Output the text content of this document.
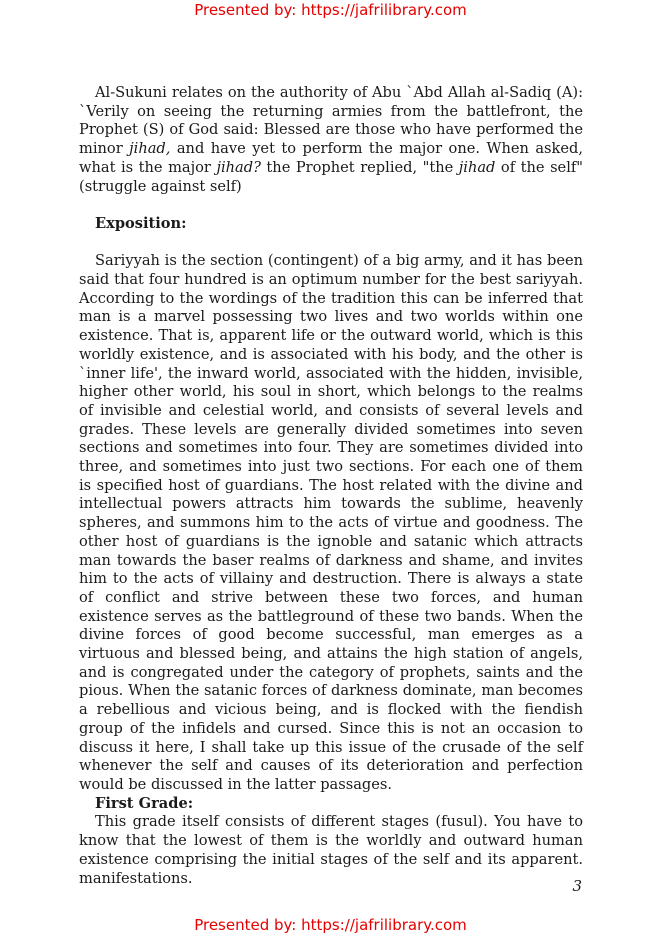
Presented by: https://jafrilibrary.com

Al-Sukuni relates on the authority of Abu `Abd Allah al-Sadiq (A): `Verily on seeing the returning armies from the battlefront, the Prophet (S) of God said: Blessed are those who have performed the minor jihad, and have yet to perform the major one. When asked, what is the major jihad? the Prophet replied, "the jihad of the self" (struggle against self)

Exposition:

Sariyyah is the section (contingent) of a big army, and it has been said that four hundred is an optimum number for the best sariyyah. According to the wordings of the tradition this can be inferred that man is a marvel possessing two lives and two worlds within one existence. That is, apparent life or the outward world, which is this worldly existence, and is associated with his body, and the other is `inner life', the inward world, associated with the hidden, invisible, higher other world, his soul in short, which belongs to the realms of invisible and celestial world, and consists of several levels and grades. These levels are generally divided sometimes into seven sections and sometimes into four. They are sometimes divided into three, and sometimes into just two sections. For each one of them is specified host of guardians. The host related with the divine and intellectual powers attracts him towards the sublime, heavenly spheres, and summons him to the acts of virtue and goodness. The other host of guardians is the ignoble and satanic which attracts man towards the baser realms of darkness and shame, and invites him to the acts of villainy and destruction. There is always a state of conflict and strive between these two forces, and human existence serves as the battleground of these two bands. When the divine forces of good become successful, man emerges as a virtuous and blessed being, and attains the high station of angels, and is congregated under the category of prophets, saints and the pious. When the satanic forces of darkness dominate, man becomes a rebellious and vicious being, and is flocked with the fiendish group of the infidels and cursed. Since this is not an occasion to discuss it here, I shall take up this issue of the crusade of the self whenever the self and causes of its deterioration and perfection would be discussed in the latter passages.

First Grade:

This grade itself consists of different stages (fusul). You have to know that the lowest of them is the worldly and outward human existence comprising the initial stages of the self and its apparent. manifestations.	3
Presented by: https://jafrilibrary.com
